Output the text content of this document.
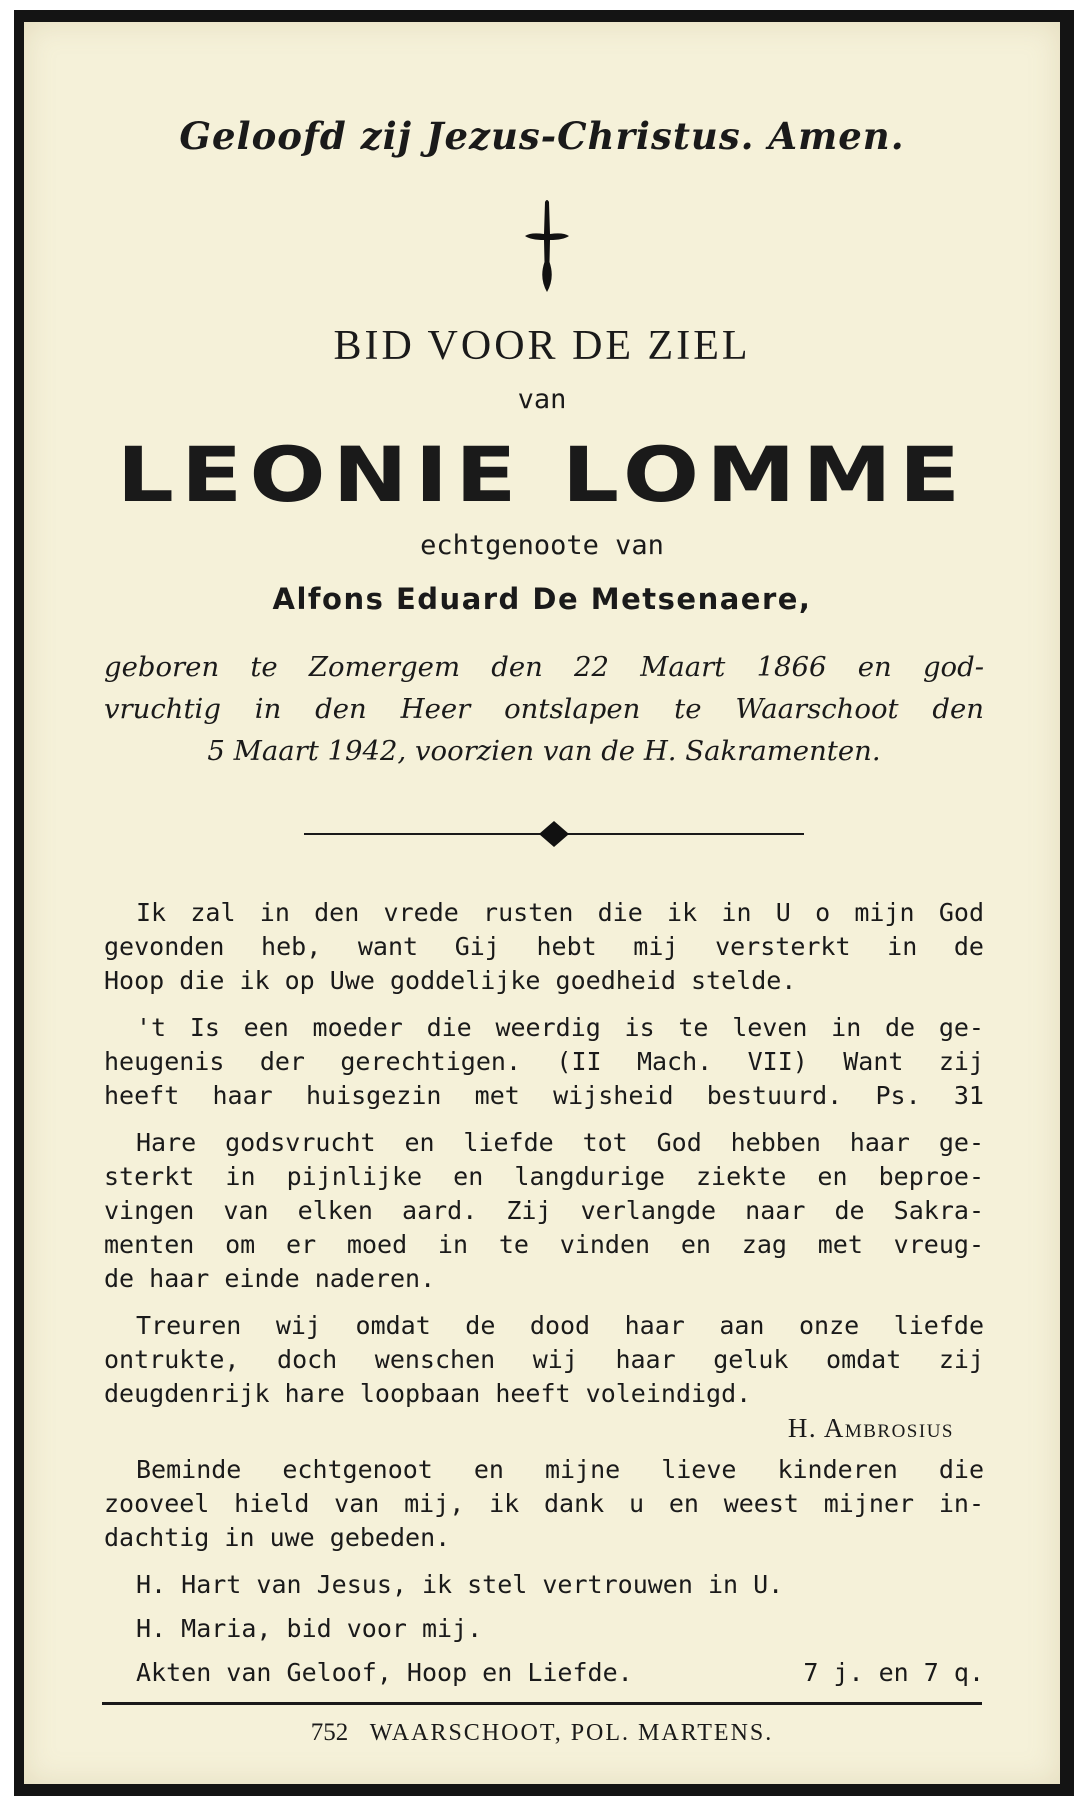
Geloofd zij Jezus-Christus. Amen.
BID VOOR DE ZIEL
van
LEONIE LOMME
echtgenoote van
Alfons Eduard De Metsenaere,
geboren te Zomergem den 22 Maart 1866 en god-
vruchtig in den Heer ontslapen te Waarschoot den
5 Maart 1942, voorzien van de H. Sakramenten.
Ik zal in den vrede rusten die ik in U o mijn God
gevonden heb, want Gij hebt mij versterkt in de
Hoop die ik op Uwe goddelijke goedheid stelde.
't Is een moeder die weerdig is te leven in de ge-
heugenis der gerechtigen. (II Mach. VII) Want zij
heeft haar huisgezin met wijsheid bestuurd. Ps. 31
Hare godsvrucht en liefde tot God hebben haar ge-
sterkt in pijnlijke en langdurige ziekte en beproe-
vingen van elken aard. Zij verlangde naar de Sakra-
menten om er moed in te vinden en zag met vreug-
de haar einde naderen.
Treuren wij omdat de dood haar aan onze liefde
ontrukte, doch wenschen wij haar geluk omdat zij
deugdenrijk hare loopbaan heeft voleindigd.
H. Ambrosius
Beminde echtgenoot en mijne lieve kinderen die
zooveel hield van mij, ik dank u en weest mijner in-
dachtig in uwe gebeden.
H. Hart van Jesus, ik stel vertrouwen in U.
H. Maria, bid voor mij.
Akten van Geloof, Hoop en Liefde.	7 j. en 7 q.
752 WAARSCHOOT, POL. MARTENS.
